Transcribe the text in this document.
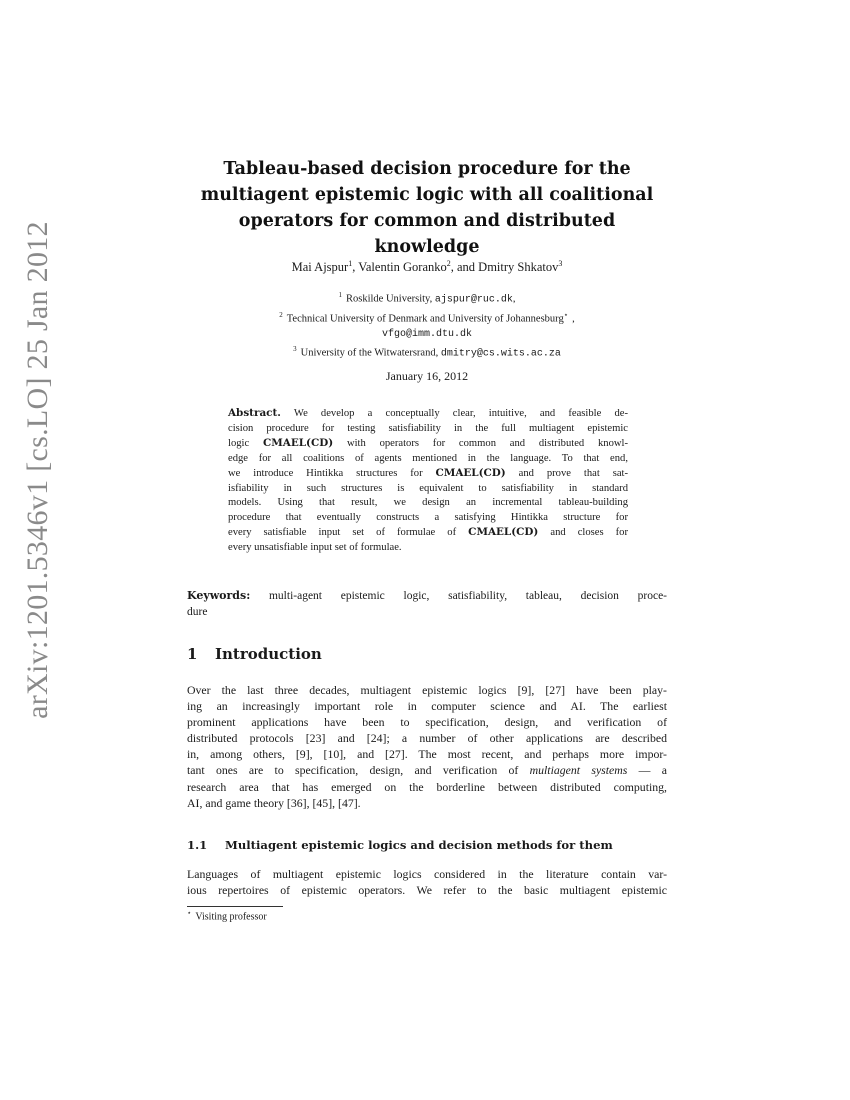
arXiv:1201.5346v1 [cs.LO] 25 Jan 2012
Tableau-based decision procedure for the
multiagent epistemic logic with all coalitional
operators for common and distributed knowledge
Mai Ajspur$^1$, Valentin Goranko$^2$, and Dmitry Shkatov$^3$
$^1$ Roskilde University, ajspur@ruc.dk,
$^2$ Technical University of Denmark and University of Johannesburg⋆ ,
vfgo@imm.dtu.dk
$^3$ University of the Witwatersrand, dmitry@cs.wits.ac.za
January 16, 2012
Abstract. We develop a conceptually clear, intuitive, and feasible de-
cision procedure for testing satisfiability in the full multiagent epistemic
logic CMAEL(CD) with operators for common and distributed knowl-
edge for all coalitions of agents mentioned in the language. To that end,
we introduce Hintikka structures for CMAEL(CD) and prove that sat-
isfiability in such structures is equivalent to satisfiability in standard
models. Using that result, we design an incremental tableau-building
procedure that eventually constructs a satisfying Hintikka structure for
every satisfiable input set of formulae of CMAEL(CD) and closes for
every unsatisfiable input set of formulae.
Keywords: multi-agent epistemic logic, satisfiability, tableau, decision proce-
dure
1 Introduction
Over the last three decades, multiagent epistemic logics [9], [27] have been play-
ing an increasingly important role in computer science and AI. The earliest
prominent applications have been to specification, design, and verification of
distributed protocols [23] and [24]; a number of other applications are described
in, among others, [9], [10], and [27]. The most recent, and perhaps more impor-
tant ones are to specification, design, and verification of multiagent systems — a
research area that has emerged on the borderline between distributed computing,
AI, and game theory [36], [45], [47].
1.1 Multiagent epistemic logics and decision methods for them
Languages of multiagent epistemic logics considered in the literature contain var-
ious repertoires of epistemic operators. We refer to the basic multiagent epistemic
⋆ Visiting professor
